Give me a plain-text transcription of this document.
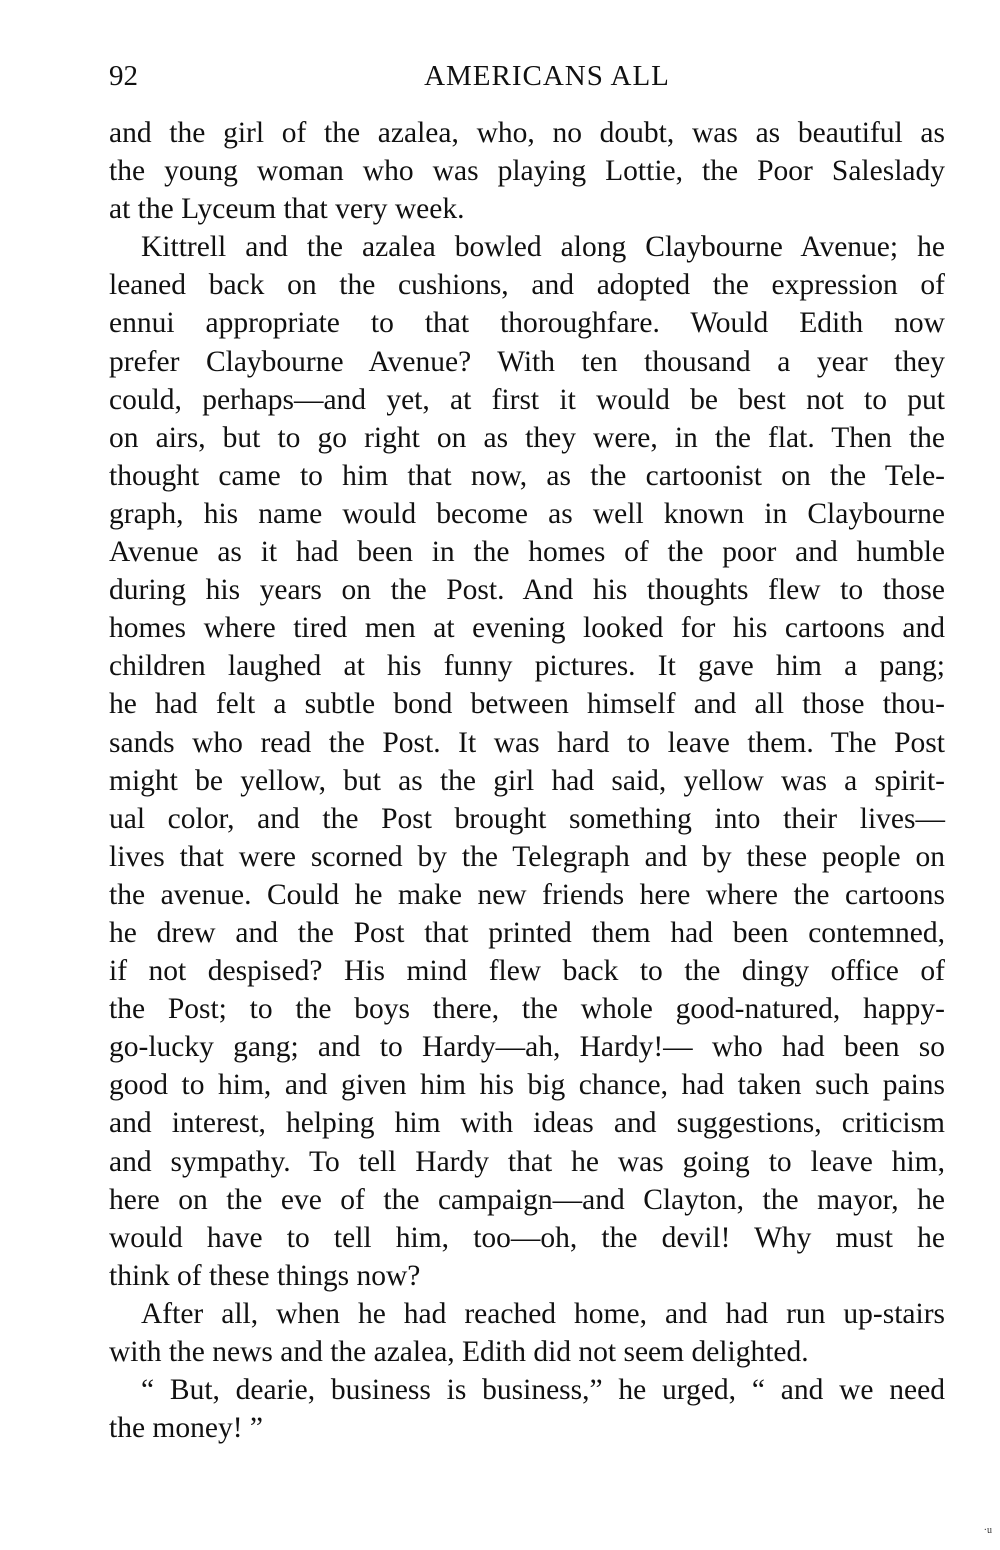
92	AMERICANS ALL
and the girl of the azalea, who, no doubt, was as beautiful as
the young woman who was playing Lottie, the Poor Saleslady
at the Lyceum that very week.
Kittrell and the azalea bowled along Claybourne Avenue; he
leaned back on the cushions, and adopted the expression of
ennui appropriate to that thoroughfare. Would Edith now
prefer Claybourne Avenue? With ten thousand a year they
could, perhaps—and yet, at first it would be best not to put
on airs, but to go right on as they were, in the flat. Then the
thought came to him that now, as the cartoonist on the Tele-
graph, his name would become as well known in Claybourne
Avenue as it had been in the homes of the poor and humble
during his years on the Post. And his thoughts flew to those
homes where tired men at evening looked for his cartoons and
children laughed at his funny pictures. It gave him a pang;
he had felt a subtle bond between himself and all those thou-
sands who read the Post. It was hard to leave them. The Post
might be yellow, but as the girl had said, yellow was a spirit-
ual color, and the Post brought something into their lives—
lives that were scorned by the Telegraph and by these people on
the avenue. Could he make new friends here where the cartoons
he drew and the Post that printed them had been contemned,
if not despised? His mind flew back to the dingy office of
the Post; to the boys there, the whole good-natured, happy-
go-lucky gang; and to Hardy—ah, Hardy!— who had been so
good to him, and given him his big chance, had taken such pains
and interest, helping him with ideas and suggestions, criticism
and sympathy. To tell Hardy that he was going to leave him,
here on the eve of the campaign—and Clayton, the mayor, he
would have to tell him, too—oh, the devil! Why must he
think of these things now?
After all, when he had reached home, and had run up-stairs
with the news and the azalea, Edith did not seem delighted.
“ But, dearie, business is business,” he urged, “ and we need
the money! ”
·u
